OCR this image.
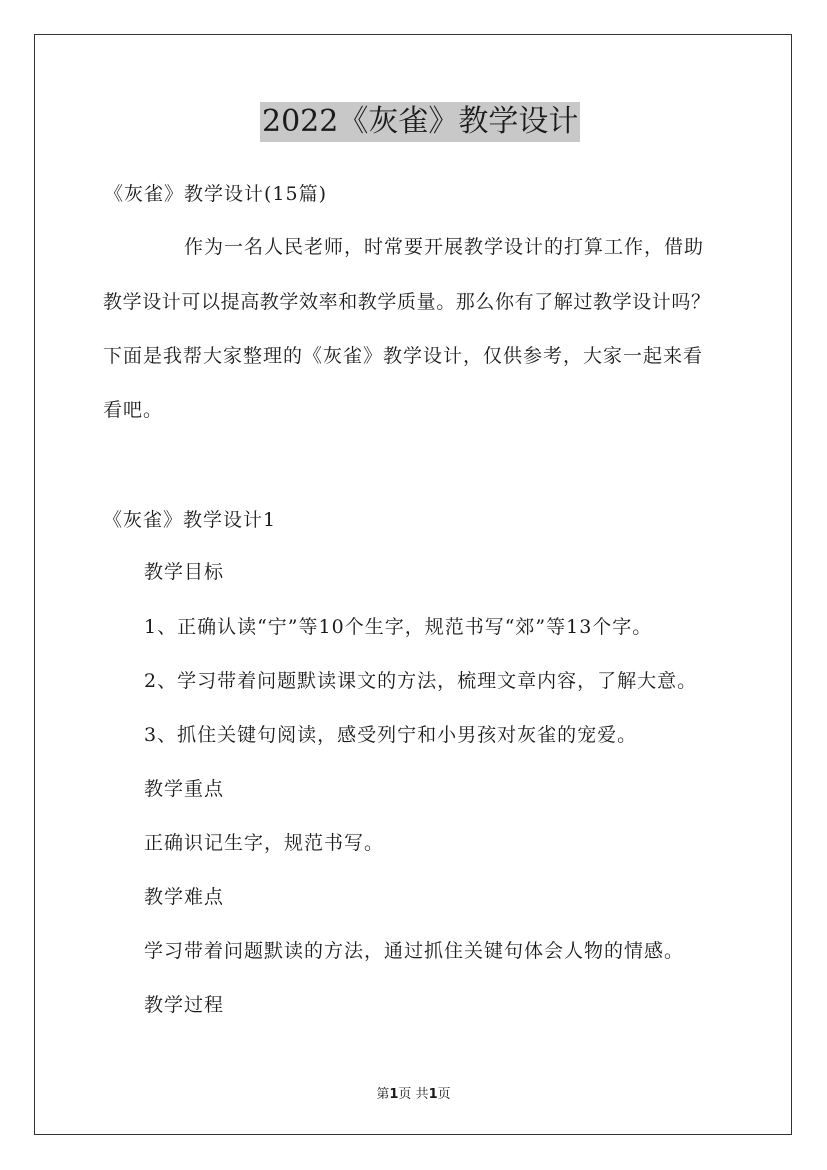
2022《灰雀》教学设计
《灰雀》教学设计(15篇)
作为一名人民老师，时常要开展教学设计的打算工作，借助
教学设计可以提高教学效率和教学质量。那么你有了解过教学设计吗？
下面是我帮大家整理的《灰雀》教学设计，仅供参考，大家一起来看
看吧。
《灰雀》教学设计1
教学目标
1、正确认读“宁”等10个生字，规范书写“郊”等13个字。
2、学习带着问题默读课文的方法，梳理文章内容，了解大意。
3、抓住关键句阅读，感受列宁和小男孩对灰雀的宠爱。
教学重点
正确识记生字，规范书写。
教学难点
学习带着问题默读的方法，通过抓住关键句体会人物的情感。
教学过程
第1页 共1页
